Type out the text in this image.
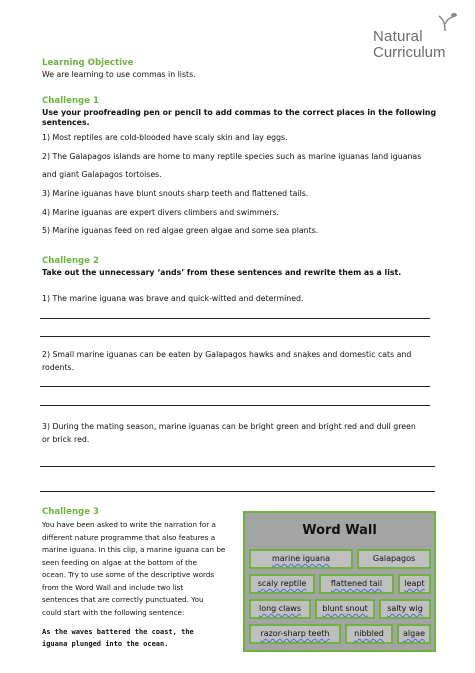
Natural
Curriculum
Learning Objective
We are learning to use commas in lists.
Challenge 1
Use your proofreading pen or pencil to add commas to the correct places in the following
sentences.
1) Most reptiles are cold-blooded have scaly skin and lay eggs.
2) The Galapagos islands are home to many reptile species such as marine iguanas land iguanas
and giant Galapagos tortoises.
3) Marine iguanas have blunt snouts sharp teeth and flattened tails.
4) Marine iguanas are expert divers climbers and swimmers.
5) Marine iguanas feed on red algae green algae and some sea plants.
Challenge 2
Take out the unnecessary ‘ands’ from these sentences and rewrite them as a list.
1) The marine iguana was brave and quick-witted and determined.
2) Small marine iguanas can be eaten by Galapagos hawks and snakes and domestic cats and
rodents.
3) During the mating season, marine iguanas can be bright green and bright red and dull green
or brick red.
Challenge 3
You have been asked to write the narration for a
different nature programme that also features a
marine iguana. In this clip, a marine iguana can be
seen feeding on algae at the bottom of the
ocean. Try to use some of the descriptive words
from the Word Wall and include two list
sentences that are correctly punctuated. You
could start with the following sentence:
As the waves battered the coast, the
iguana plunged into the ocean.
Word Wall
marine iguana	Galapagos
scaly reptile	flattened tail	leapt
long claws	blunt snout	salty wig
razor-sharp teeth	nibbled	algae
